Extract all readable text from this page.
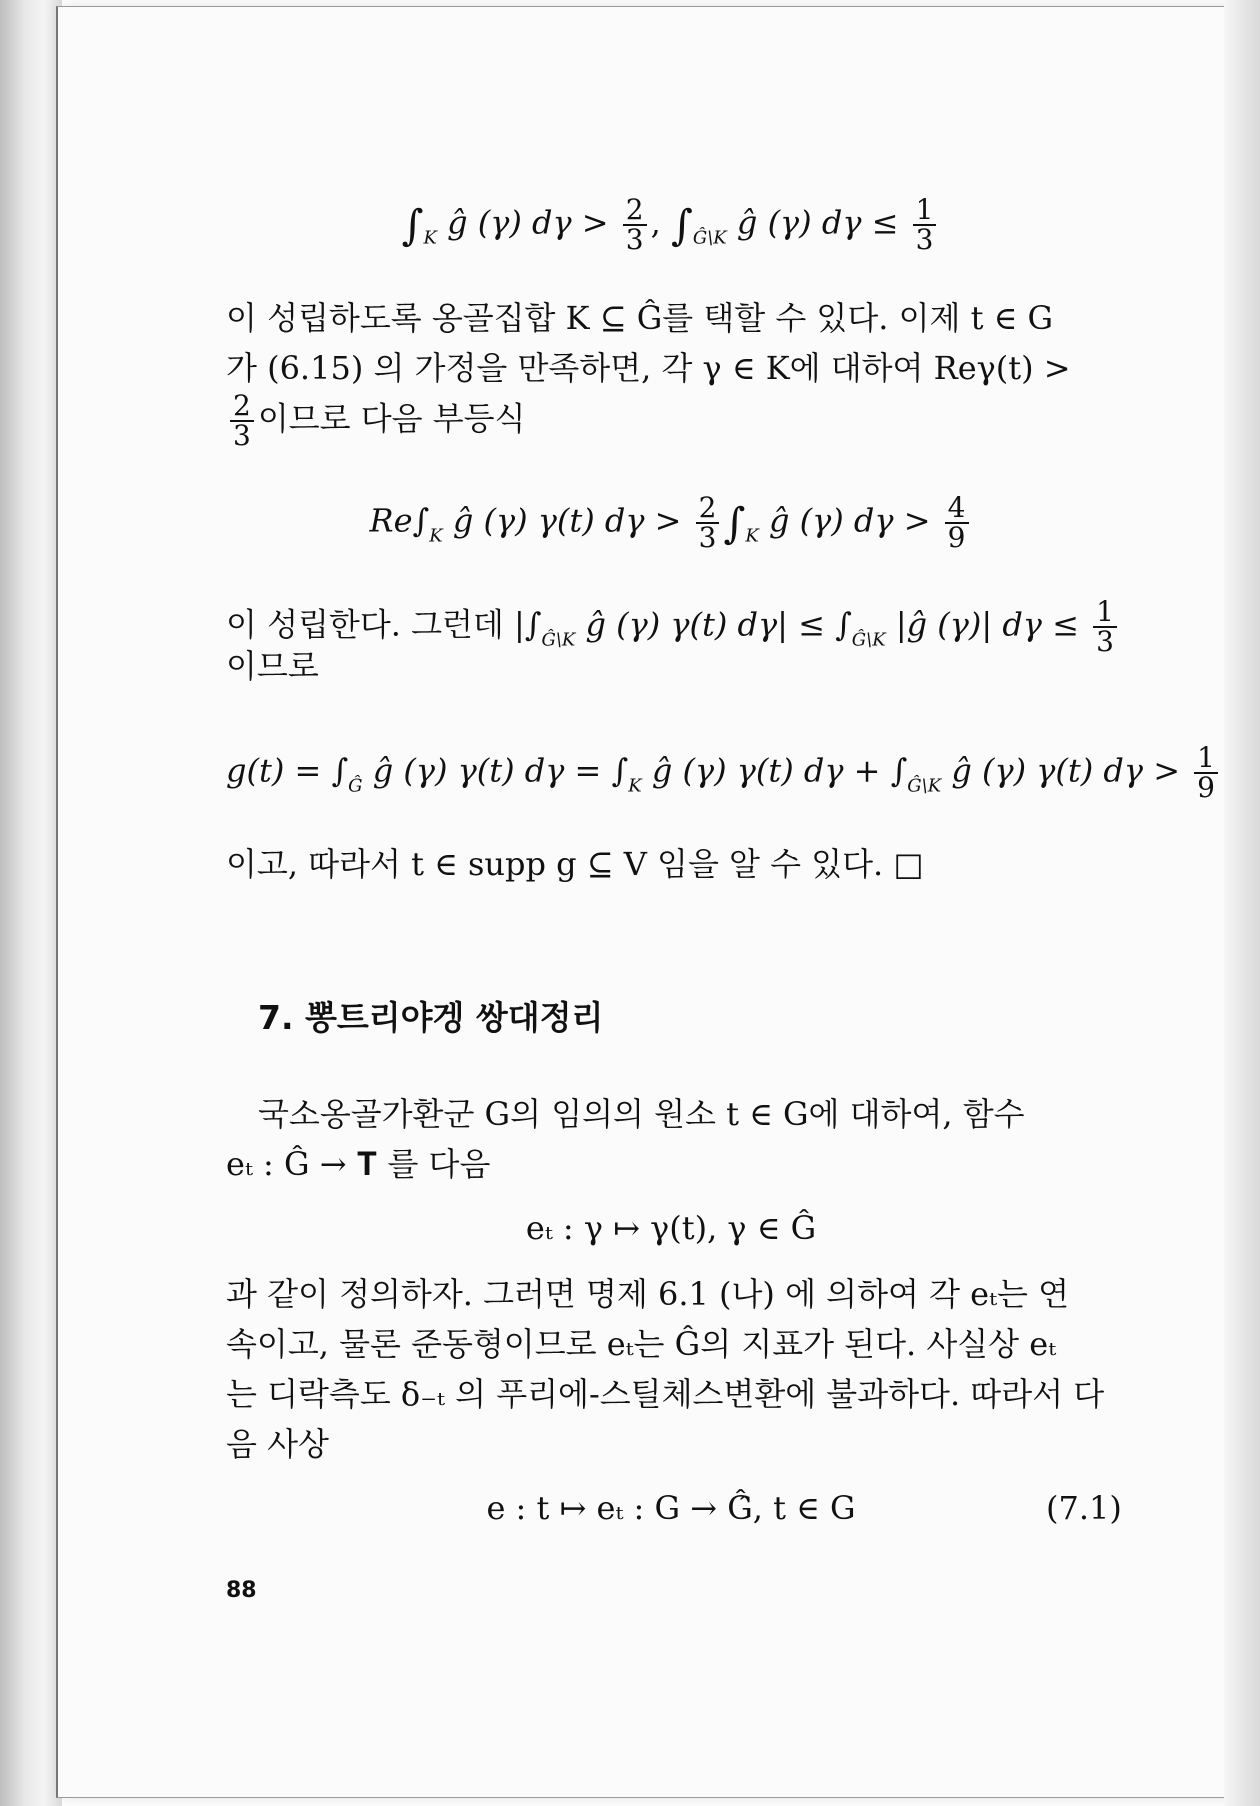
$\int_K$ ĝ (γ) $d\gamma > \frac{2}{3}$ , $\int_{Ĝ\backslash K}$ ĝ (γ) $d\gamma \le \frac{1}{3}$
이 성립하도록 옹골집합 K ⊆ Ĝ를 택할 수 있다. 이제 t ∈ G
가 (6.15) 의 가정을 만족하면, 각 γ ∈ K에 대하여 Reγ(t) >
$\frac{2}{3}$ 이므로 다음 부등식
$Re\int_K$ ĝ (γ) γ(t) $d\gamma > \frac{2}{3} \int_K$ ĝ (γ) $d\gamma > \frac{4}{9}$
이 성립한다. 그런데 $|\int_{Ĝ\backslash K}$ ĝ (γ) γ(t) $d\gamma| \le \int_{Ĝ\backslash K}$ |ĝ (γ)| $d\gamma \le \frac{1}{3}$
이므로
$g(t) = \int_Ĝ$ ĝ (γ) γ(t) $d\gamma = \int_K$ ĝ (γ) γ(t) $d\gamma + \int_{Ĝ\backslash K}$ ĝ (γ) γ(t) $d\gamma > \frac{1}{9}$
이고, 따라서 t ∈ supp g ⊆ V 임을 알 수 있다. □
7. 뽕트리야겡 쌍대정리
국소옹골가환군 G의 임의의 원소 t ∈ G에 대하여, 함수
eₜ : Ĝ → 𝐓 를 다음
eₜ : γ ↦ γ(t), γ ∈ Ĝ
과 같이 정의하자. 그러면 명제 6.1 (나) 에 의하여 각 eₜ는 연
속이고, 물론 준동형이므로 eₜ는 Ĝ의 지표가 된다. 사실상 eₜ
는 디락측도 δ₋ₜ 의 푸리에-스틸체스변환에 불과하다. 따라서 다
음 사상
e : t ↦ eₜ : G → Ĝ̂, t ∈ G	(7.1)
88
